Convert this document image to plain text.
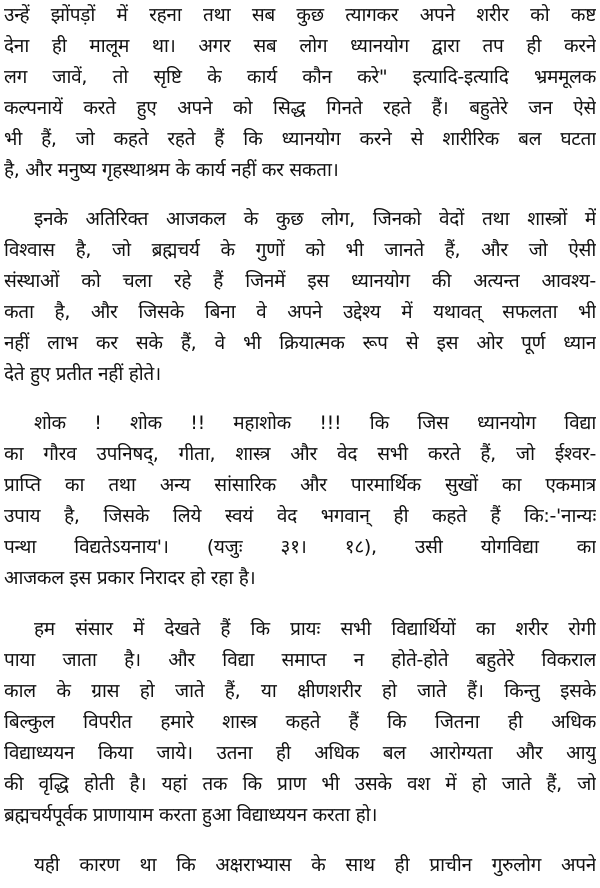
उन्हें झोंपड़ों में रहना तथा सब कुछ त्यागकर अपने शरीर को कष्ट
देना ही मालूम था। अगर सब लोग ध्यानयोग द्वारा तप ही करने
लग जावें, तो सृष्टि के कार्य कौन करे" इत्यादि-इत्यादि भ्रममूलक
कल्पनायें करते हुए अपने को सिद्ध गिनते रहते हैं। बहुतेरे जन ऐसे
भी हैं, जो कहते रहते हैं कि ध्यानयोग करने से शारीरिक बल घटता
है, और मनुष्य गृहस्थाश्रम के कार्य नहीं कर सकता।
इनके अतिरिक्त आजकल के कुछ लोग, जिनको वेदों तथा शास्त्रों में
विश्वास है, जो ब्रह्मचर्य के गुणों को भी जानते हैं, और जो ऐसी
संस्थाओं को चला रहे हैं जिनमें इस ध्यानयोग की अत्यन्त आवश्य-
कता है, और जिसके बिना वे अपने उद्देश्य में यथावत् सफलता भी
नहीं लाभ कर सके हैं, वे भी क्रियात्मक रूप से इस ओर पूर्ण ध्यान
देते हुए प्रतीत नहीं होते।
शोक ! शोक !! महाशोक !!! कि जिस ध्यानयोग विद्या
का गौरव उपनिषद्, गीता, शास्त्र और वेद सभी करते हैं, जो ईश्वर-
प्राप्ति का तथा अन्य सांसारिक और पारमार्थिक सुखों का एकमात्र
उपाय है, जिसके लिये स्वयं वेद भगवान् ही कहते हैं कि:-'नान्यः
पन्था विद्यतेऽयनाय'। (यजुः ३१। १८), उसी योगविद्या का
आजकल इस प्रकार निरादर हो रहा है।
हम संसार में देखते हैं कि प्रायः सभी विद्यार्थियों का शरीर रोगी
पाया जाता है। और विद्या समाप्त न होते-होते बहुतेरे विकराल
काल के ग्रास हो जाते हैं, या क्षीणशरीर हो जाते हैं। किन्तु इसके
बिल्कुल विपरीत हमारे शास्त्र कहते हैं कि जितना ही अधिक
विद्याध्ययन किया जाये। उतना ही अधिक बल आरोग्यता और आयु
की वृद्धि होती है। यहां तक कि प्राण भी उसके वश में हो जाते हैं, जो
ब्रह्मचर्यपूर्वक प्राणायाम करता हुआ विद्याध्ययन करता हो।
यही कारण था कि अक्षराभ्यास के साथ ही प्राचीन गुरुलोग अपने
